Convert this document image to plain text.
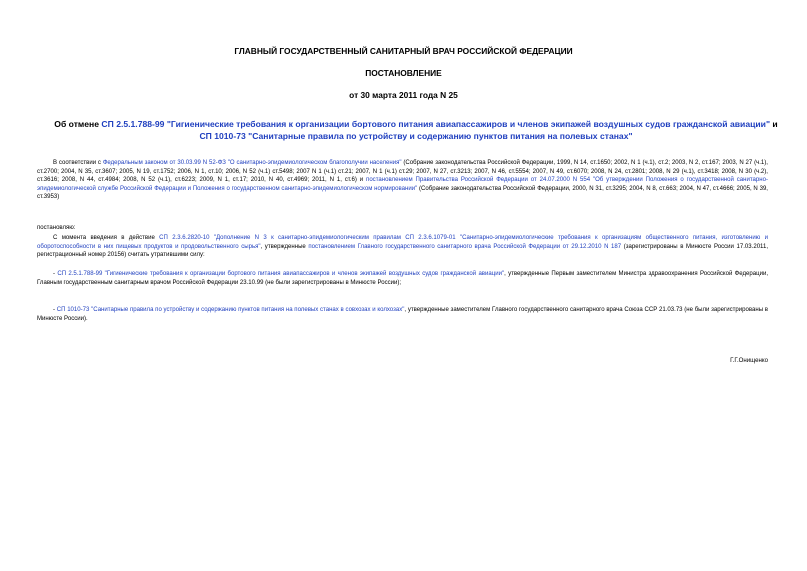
ГЛАВНЫЙ ГОСУДАРСТВЕННЫЙ САНИТАРНЫЙ ВРАЧ РОССИЙСКОЙ ФЕДЕРАЦИИ
ПОСТАНОВЛЕНИЕ
от 30 марта 2011 года N 25
Об отмене СП 2.5.1.788-99 "Гигиенические требования к организации бортового питания авиапассажиров и членов экипажей воздушных судов гражданской авиации" и СП 1010-73 "Санитарные правила по устройству и содержанию пунктов питания на полевых станах"
В соответствии с Федеральным законом от 30.03.99 N 52-ФЗ "О санитарно-эпидемиологическом благополучии населения" (Собрание законодательства Российской Федерации, 1999, N 14, ст.1650; 2002, N 1 (ч.1), ст.2; 2003, N 2, ст.167; 2003, N 27 (ч.1), ст.2700; 2004, N 35, ст.3607; 2005, N 19, ст.1752; 2006, N 1, ст.10; 2006, N 52 (ч.1) ст.5498; 2007 N 1 (ч.1) ст.21; 2007, N 1 (ч.1) ст.29; 2007, N 27, ст.3213; 2007, N 46, ст.5554; 2007, N 49, ст.6070; 2008, N 24, ст.2801; 2008, N 29 (ч.1), ст.3418; 2008, N 30 (ч.2), ст.3616; 2008, N 44, ст.4984; 2008, N 52 (ч.1), ст.6223; 2009, N 1, ст.17; 2010, N 40, ст.4969; 2011, N 1, ст.6) и постановлением Правительства Российской Федерации от 24.07.2000 N 554 "Об утверждении Положения о государственной санитарно-эпидемиологической службе Российской Федерации и Положения о государственном санитарно-эпидемиологическом нормировании" (Собрание законодательства Российской Федерации, 2000, N 31, ст.3295; 2004, N 8, ст.663; 2004, N 47, ст.4666; 2005, N 39, ст.3953)
постановляю:
С момента введения в действие СП 2.3.6.2820-10 "Дополнение N 3 к санитарно-эпидемиологическим правилам СП 2.3.6.1079-01 "Санитарно-эпидемиологические требования к организациям общественного питания, изготовлению и оборотоспособности в них пищевых продуктов и продовольственного сырья", утвержденные постановлением Главного государственного санитарного врача Российской Федерации от 29.12.2010 N 187 (зарегистрированы в Минюсте России 17.03.2011, регистрационный номер 20156) считать утратившими силу:
- СП 2.5.1.788-99 "Гигиенические требования к организации бортового питания авиапассажиров и членов экипажей воздушных судов гражданской авиации", утвержденные Первым заместителем Министра здравоохранения Российской Федерации, Главным государственным санитарным врачом Российской Федерации 23.10.99 (не были зарегистрированы в Минюсте России);
- СП 1010-73 "Санитарные правила по устройству и содержанию пунктов питания на полевых станах в совхозах и колхозах", утвержденные заместителем Главного государственного санитарного врача Союза ССР 21.03.73 (не были зарегистрированы в Минюсте России).
Г.Г.Онищенко
